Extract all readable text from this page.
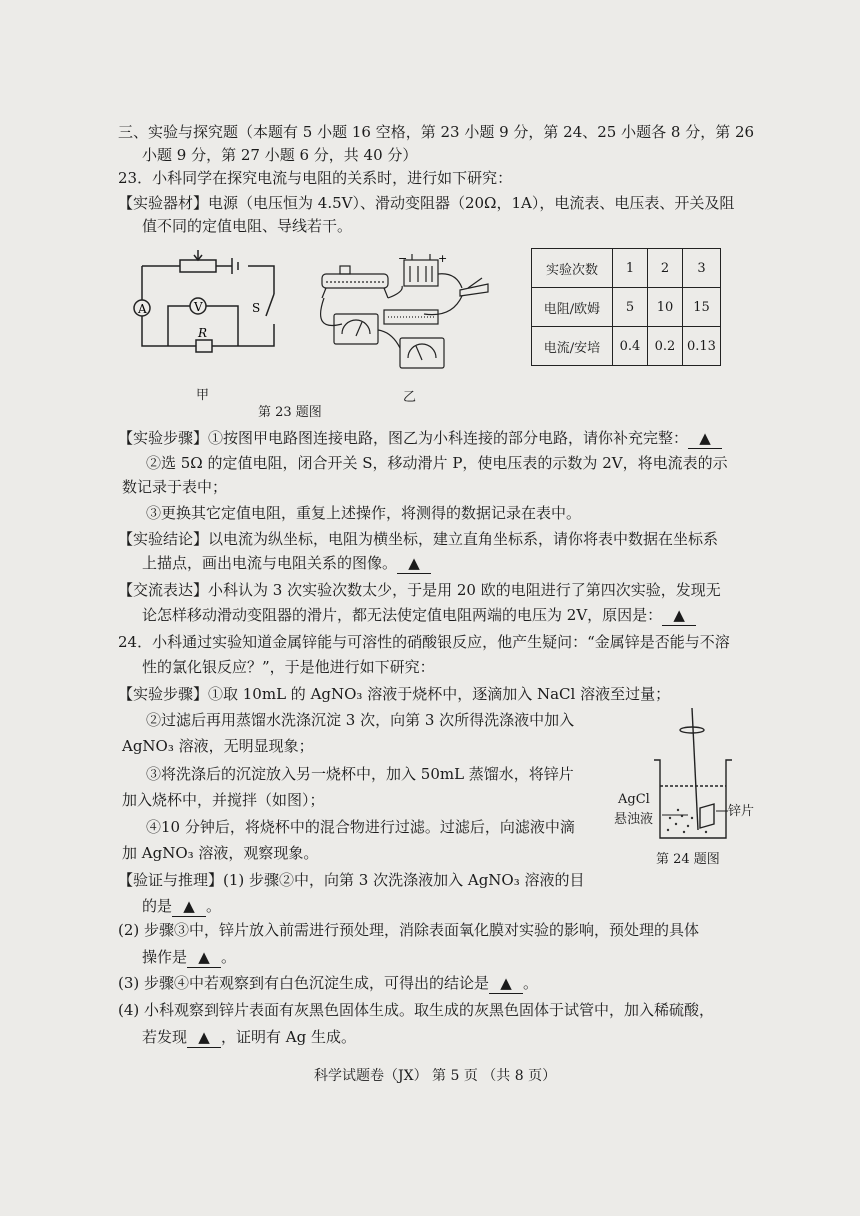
三、实验与探究题（本题有 5 小题 16 空格，第 23 小题 9 分，第 24、25 小题各 8 分，第 26
小题 9 分，第 27 小题 6 分，共 40 分）
23．小科同学在探究电流与电阻的关系时，进行如下研究：
【实验器材】电源（电压恒为 4.5V）、滑动变阻器（20Ω，1A），电流表、电压表、开关及阻
值不同的定值电阻、导线若干。
A	V
R
S
甲
−	+
乙
第 23 题图
实验次数	1	2	3
电阻/欧姆	5	10	15
电流/安培	0.4	0.2	0.13
【实验步骤】①按图甲电路图连接电路，图乙为小科连接的部分电路，请你补充完整： ▲
②选 5Ω 的定值电阻，闭合开关 S，移动滑片 P，使电压表的示数为 2V，将电流表的示
数记录于表中；
③更换其它定值电阻，重复上述操作，将测得的数据记录在表中。
【实验结论】以电流为纵坐标，电阻为横坐标，建立直角坐标系，请你将表中数据在坐标系
上描点，画出电流与电阻关系的图像。 ▲
【交流表达】小科认为 3 次实验次数太少，于是用 20 欧的电阻进行了第四次实验，发现无
论怎样移动滑动变阻器的滑片，都无法使定值电阻两端的电压为 2V，原因是： ▲
24．小科通过实验知道金属锌能与可溶性的硝酸银反应，他产生疑问：“金属锌是否能与不溶
性的氯化银反应？”，于是他进行如下研究：
【实验步骤】①取 10mL 的 AgNO₃ 溶液于烧杯中，逐滴加入 NaCl 溶液至过量；
②过滤后再用蒸馏水洗涤沉淀 3 次，向第 3 次所得洗涤液中加入
AgNO₃ 溶液，无明显现象；
③将洗涤后的沉淀放入另一烧杯中，加入 50mL 蒸馏水，将锌片
加入烧杯中，并搅拌（如图）；
④10 分钟后，将烧杯中的混合物进行过滤。过滤后，向滤液中滴
加 AgNO₃ 溶液，观察现象。
AgCl
悬浊液
锌片
第 24 题图
【验证与推理】(1) 步骤②中，向第 3 次洗涤液加入 AgNO₃ 溶液的目
的是 ▲ 。
(2) 步骤③中，锌片放入前需进行预处理，消除表面氧化膜对实验的影响，预处理的具体
操作是 ▲ 。
(3) 步骤④中若观察到有白色沉淀生成，可得出的结论是 ▲ 。
(4) 小科观察到锌片表面有灰黑色固体生成。取生成的灰黑色固体于试管中，加入稀硫酸，
若发现 ▲ ，证明有 Ag 生成。
科学试题卷（JX） 第 5 页 （共 8 页）
